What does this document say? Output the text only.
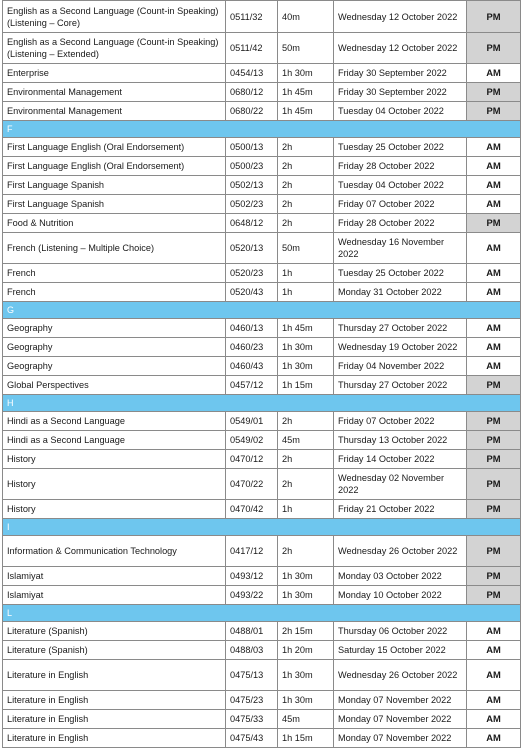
English as a Second Language (Count-in Speaking) (Listening – Core)	0511/32	40m	Wednesday 12 October 2022	PM
English as a Second Language (Count-in Speaking) (Listening – Extended)	0511/42	50m	Wednesday 12 October 2022	PM
Enterprise	0454/13	1h 30m	Friday 30 September 2022	AM
Environmental Management	0680/12	1h 45m	Friday 30 September 2022	PM
Environmental Management	0680/22	1h 45m	Tuesday 04 October 2022	PM
F				
First Language English (Oral Endorsement)	0500/13	2h	Tuesday 25 October 2022	AM
First Language English (Oral Endorsement)	0500/23	2h	Friday 28 October 2022	AM
First Language Spanish	0502/13	2h	Tuesday 04 October 2022	AM
First Language Spanish	0502/23	2h	Friday 07 October 2022	AM
Food & Nutrition	0648/12	2h	Friday 28 October 2022	PM
French (Listening – Multiple Choice)	0520/13	50m	Wednesday 16 November 2022	AM
French	0520/23	1h	Tuesday 25 October 2022	AM
French	0520/43	1h	Monday 31 October 2022	AM
G				
Geography	0460/13	1h 45m	Thursday 27 October 2022	AM
Geography	0460/23	1h 30m	Wednesday 19 October 2022	AM
Geography	0460/43	1h 30m	Friday 04 November 2022	AM
Global Perspectives	0457/12	1h 15m	Thursday 27 October 2022	PM
H				
Hindi as a Second Language	0549/01	2h	Friday 07 October 2022	PM
Hindi as a Second Language	0549/02	45m	Thursday 13 October 2022	PM
History	0470/12	2h	Friday 14 October 2022	PM
History	0470/22	2h	Wednesday 02 November 2022	PM
History	0470/42	1h	Friday 21 October 2022	PM
I				
Information & Communication Technology	0417/12	2h	Wednesday 26 October 2022	PM
Islamiyat	0493/12	1h 30m	Monday 03 October 2022	PM
Islamiyat	0493/22	1h 30m	Monday 10 October 2022	PM
L				
Literature (Spanish)	0488/01	2h 15m	Thursday 06 October 2022	AM
Literature (Spanish)	0488/03	1h 20m	Saturday 15 October 2022	AM
Literature in English	0475/13	1h 30m	Wednesday 26 October 2022	AM
Literature in English	0475/23	1h 30m	Monday 07 November 2022	AM
Literature in English	0475/33	45m	Monday 07 November 2022	AM
Literature in English	0475/43	1h 15m	Monday 07 November 2022	AM
